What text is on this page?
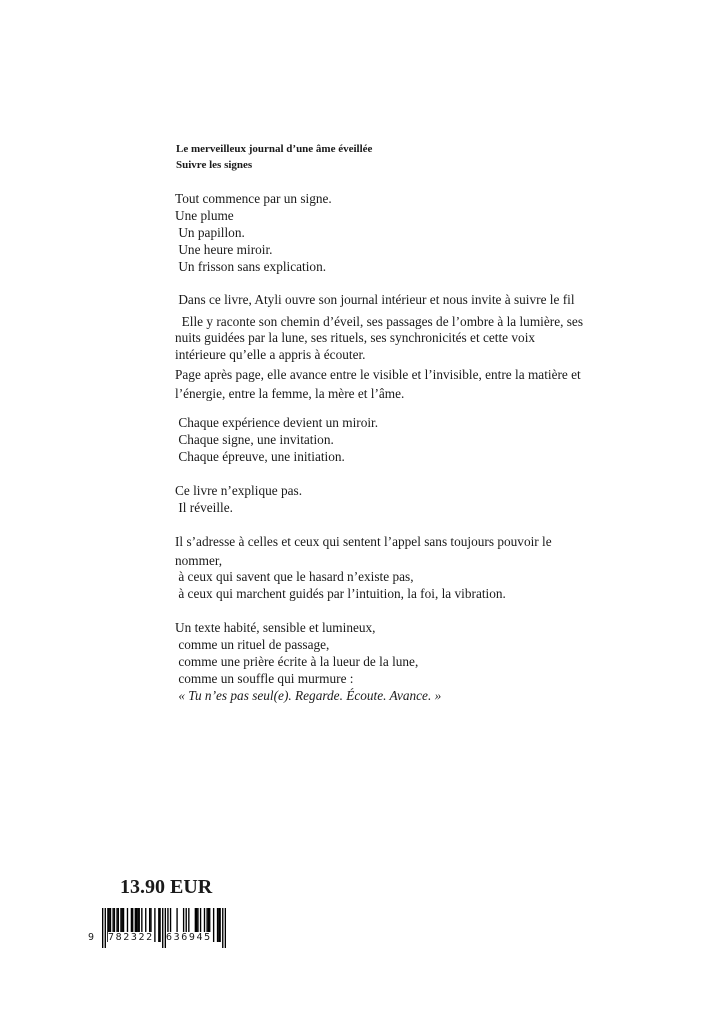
Le merveilleux journal d’une âme éveillée
Suivre les signes
Tout commence par un signe.
Une plume
Un papillon.
Une heure miroir.
Un frisson sans explication.
Dans ce livre, Atyli ouvre son journal intérieur et nous invite à suivre le fil
Elle y raconte son chemin d’éveil, ses passages de l’ombre à la lumière, ses
nuits guidées par la lune, ses rituels, ses synchronicités et cette voix
intérieure qu’elle a appris à écouter.
Page après page, elle avance entre le visible et l’invisible, entre la matière et
l’énergie, entre la femme, la mère et l’âme.
Chaque expérience devient un miroir.
Chaque signe, une invitation.
Chaque épreuve, une initiation.
Ce livre n’explique pas.
Il réveille.
Il s’adresse à celles et ceux qui sentent l’appel sans toujours pouvoir le
nommer,
à ceux qui savent que le hasard n’existe pas,
à ceux qui marchent guidés par l’intuition, la foi, la vibration.
Un texte habité, sensible et lumineux,
comme un rituel de passage,
comme une prière écrite à la lueur de la lune,
comme un souffle qui murmure :
« Tu n’es pas seul(e). Regarde. Écoute. Avance. »
13.90 EUR
9 782322 636945
